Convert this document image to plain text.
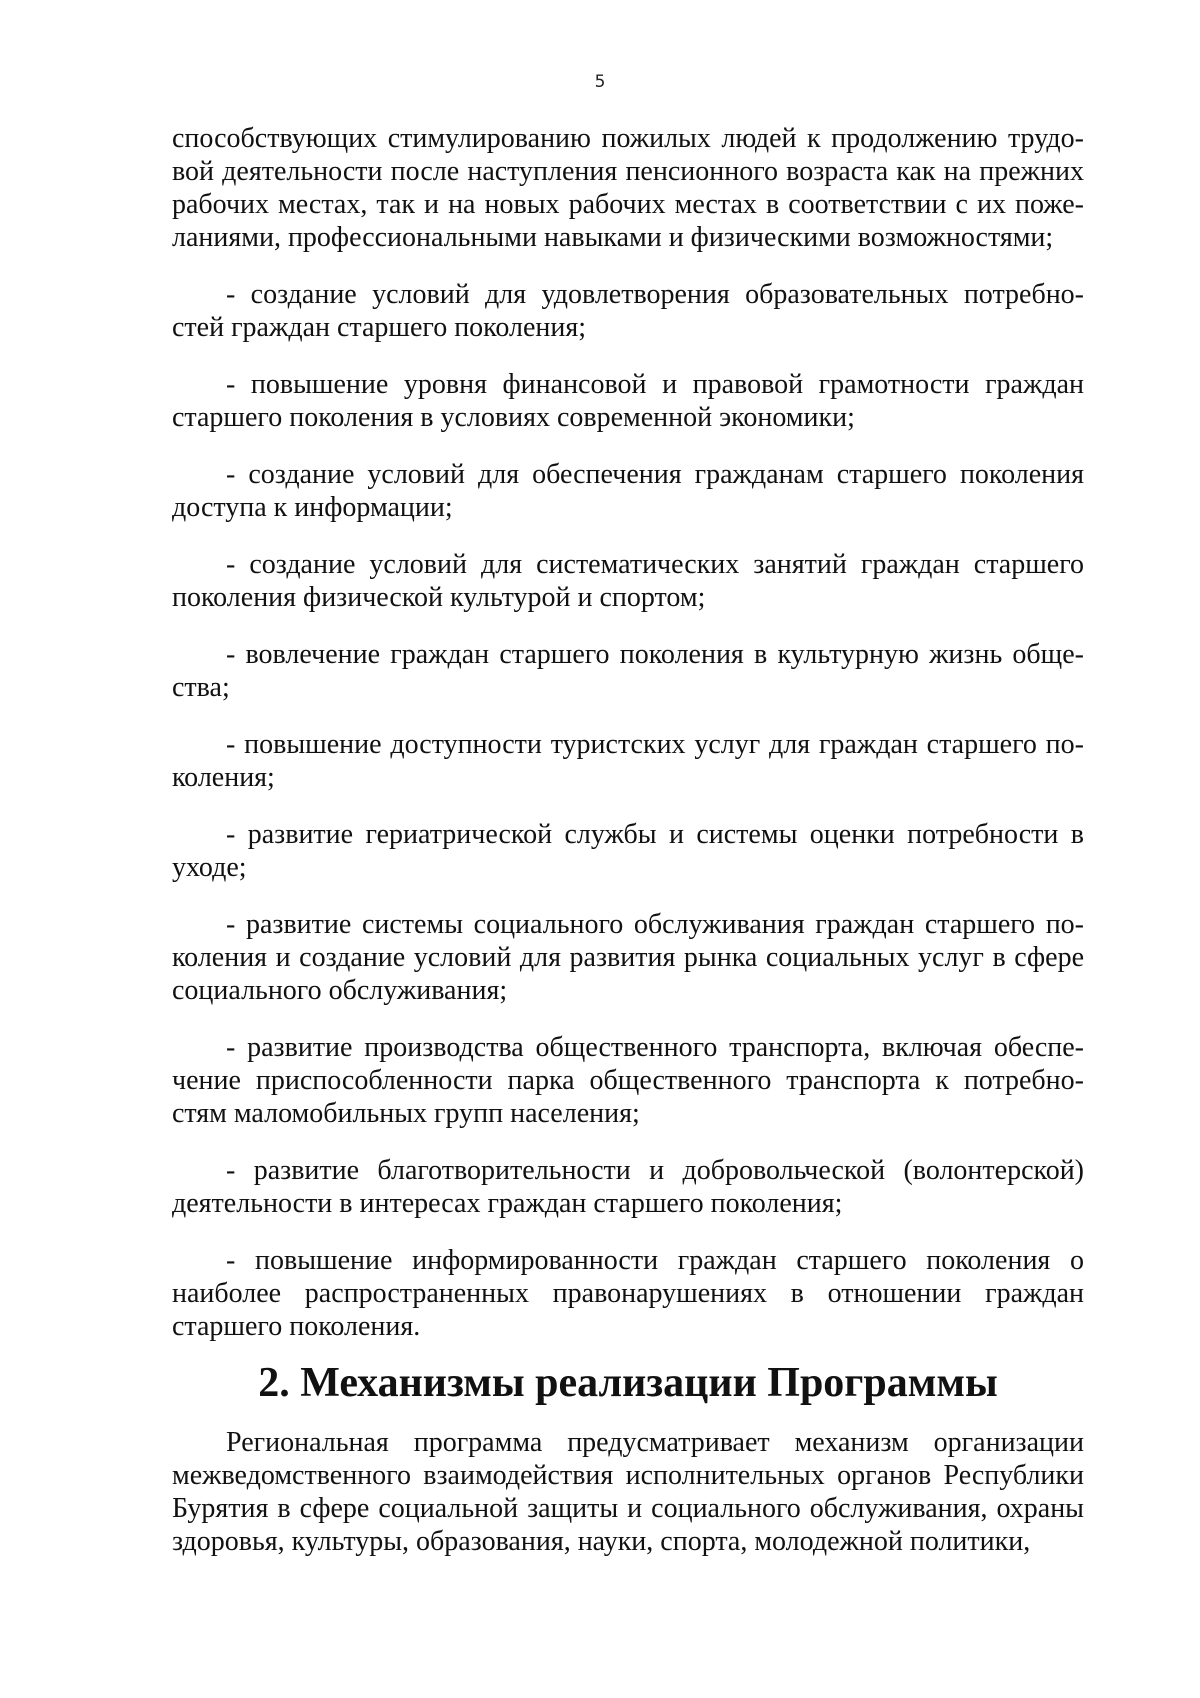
5

способствующих стимулированию пожилых людей к продолжению трудо-вой деятельности после наступления пенсионного возраста как на прежних рабочих местах, так и на новых рабочих местах в соответствии с их поже-ланиями, профессиональными навыками и физическими возможностями;

- создание условий для удовлетворения образовательных потребно-стей граждан старшего поколения;

- повышение уровня финансовой и правовой грамотности граждан старшего поколения в условиях современной экономики;

- создание условий для обеспечения гражданам старшего поколения доступа к информации;

- создание условий для систематических занятий граждан старшего поколения физической культурой и спортом;

- вовлечение граждан старшего поколения в культурную жизнь обще-ства;

- повышение доступности туристских услуг для граждан старшего по-коления;

- развитие гериатрической службы и системы оценки потребности в уходе;

- развитие системы социального обслуживания граждан старшего по-коления и создание условий для развития рынка социальных услуг в сфере социального обслуживания;

- развитие производства общественного транспорта, включая обеспе-чение приспособленности парка общественного транспорта к потребно-стям маломобильных групп населения;

- развитие благотворительности и добровольческой (волонтерской) деятельности в интересах граждан старшего поколения;

- повышение информированности граждан старшего поколения о наиболее распространенных правонарушениях в отношении граждан старшего поколения.

2. Механизмы реализации Программы

Региональная программа предусматривает механизм организации межведомственного взаимодействия исполнительных органов Республики Бурятия в сфере социальной защиты и социального обслуживания, охраны здоровья, культуры, образования, науки, спорта, молодежной политики,
